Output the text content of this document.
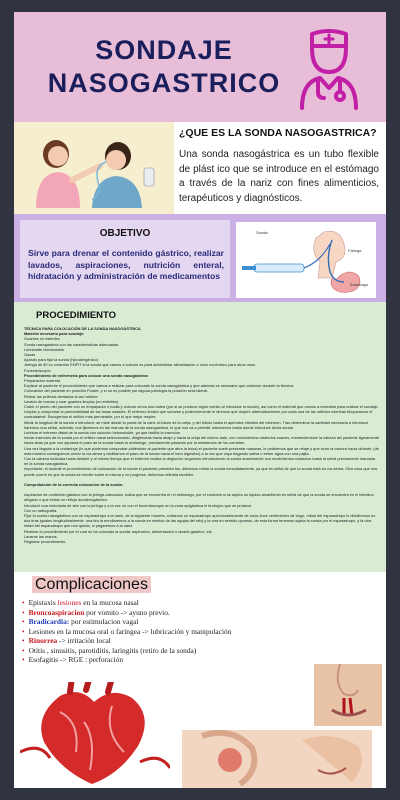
SONDAJE
NASOGASTRICO
¿QUE ES LA SONDA NASOGASTRICA?

Una sonda nasogástrica es un tubo flexible de plást ico que se introduce en el estómago a través de la nariz con fines alimenticios, terapéuticos y diagnósticos.

OBJETIVO

Sirve para drenar el contenido gástrico, realizar lavados, aspiraciones, nutrición enteral, hidratación y administración de medicamentos

Sonda
Faringe
Estómago
PROCEDIMIENTO
TÉCNICA PARA COLOCACIÓN DE LA SONDA NASOGÁSTRICA
Material necesario para sondaje:
Guantes no estériles
Sonda nasogástrica con las características adecuadas.
Lubricante hidrosoluble
Gasas
Apósito para fijar la sonda (hipoalergénico)
Jeringa de 60 cc conexión ENFIT si la sonda que vamos a colocar es para administrar alimentación o cono excéntrico para otros usos.
Fonendoscopio
Procedimiento de enfermería para colocar una sonda nasogástrica:
Preparación material.
Explicar al paciente el procedimiento que vamos a realizar para colocarle la sonda nasogástrica y que además es necesario que colabore durante la técnica.
Colocación del paciente en posición Fowler, y si no es posible por alguna patología la posición será lateral.
Retirar las prótesis dentarias si las hubiere.
Lavado de manos y usar guantes limpios (no estériles).
Cubrir el pecho del paciente con un empapador o toalla y colocar cerca una batea (por si se produce algún vómito al introducir la sonda), así como el material que vamos a necesitar para realizar el sondaje.
Limpiar y comprobar la permeabilidad de las fosas nasales. El enfermo tendrá que sonarse y posteriormente le diremos que respire alternativamente por cada una de las orificios mientras bloqueamos el contralateral. Escogemos el orificio más permeable, por el que mejor respire.
Medir la longitud de la sonda a introducir: se mide desde la punta de la nariz al lóbulo de la oreja, y del lóbulo hasta el apéndice xifoides del esternón. Tras determinar la cantidad necesaria a introducir haremos una señal, además, nos fijaremos en las marcas de la sonda nasogástrica, lo que nos va a permitir orientarnos hasta donde introducir dicha sonda.
Lubricar el extremo distal de la sonda con solución hidrosoluble, ya que facilita la inserción.
Iniciar inserción de la sonda por el orificio nasal seleccionado, dirigiéndola hacia abajo y hacia la oreja del mismo lado, con movimientos rotatorios suaves, manteniéndose la cabeza del paciente ligeramente hacia atrás ya que nos ayudará el paso de la sonda hasta la orofaringe, previamente pasando por la resistencia de los cornetes.
Una vez llegado a la orofaringe (lo que podemos comprobar pidiéndole al paciente que abra la boca) el paciente suele presentar nauseas, le pediremos que se relaje y que eche la cabeza hacia delante, (de esta manera conseguimos cerrar la vía aérea y facilitamos el paso de la sonda hacia el tubo digestivo) a la vez que vaya tragando saliva o beber agua con una pajita.
Con la cabeza inclinada hacia delante y al mismo tiempo que el enfermo realiza la deglución seguimos introduciendo la sonda suavemente con movimientos rotatorios hasta la señal previamente marcada en la sonda nasogástrica.
Importante, si durante el procedimiento de colocación de la sonda el paciente presenta tos, debemos retirar la sonda inmediatamente, ya que es señal de que la sonda está en vía aérea. Otra cosa que nos puede ocurrir es que la sonda se enrolle sobre sí misma y no progrese, debemos retirarla también.
Comprobación de la correcta colocación de la sonda:
Aspiración de contenido gástrico con la jeringa adecuada, indica que se encuentra en el estómago, por el contrario si se aspira un líquido amarillento es señal de que la sonda se encuentra en el intestino delgado o que existe un reflujo duodenogástrico.
Introducir una embolada de aire con la jeringa y a la vez oír con el fonendoscopio en la zona epigástrica el burbujeo que se produce.
Con un radiografía.
Fijar la sonda nasogástrica con un esparadrapo a la nariz, de la siguiente manera, cortamos un esparadrapo aproximadamente de unos doce centímetros de largo, mitad del esparadrapo lo dividiremos en dos tiras iguales longitudinalmente, una tira la enrollaremos a la sonda en sentido de las agujas del reloj y la otra en sentido opuesto, de esta forma tenemos sujeta la sonda por el esparadrapo, y la otra mitad del esparadrapo que nos queda, lo pegaremos a la nariz.
Realizar el procedimiento por el cual se ha colocado la sonda: aspiración, alimentación o lavado gástrico, etc.
Lavarse las manos.
Registrar procedimiento.
Complicaciones
• Epistaxis lesiones en la mucosa nasal
• Broncoaspiracion por vomito -> ayuno previo.
• Bradicardia: por estimulacion vagal
• Lesiones en la mucosa oral o faringea -> lubricación y manipulación
• Rinorrea -> irritación local
• Otitis , sinusitis, parotiditis, laringitis (retiro de la sonda)
• Esofagitis -> RGE : perforación
